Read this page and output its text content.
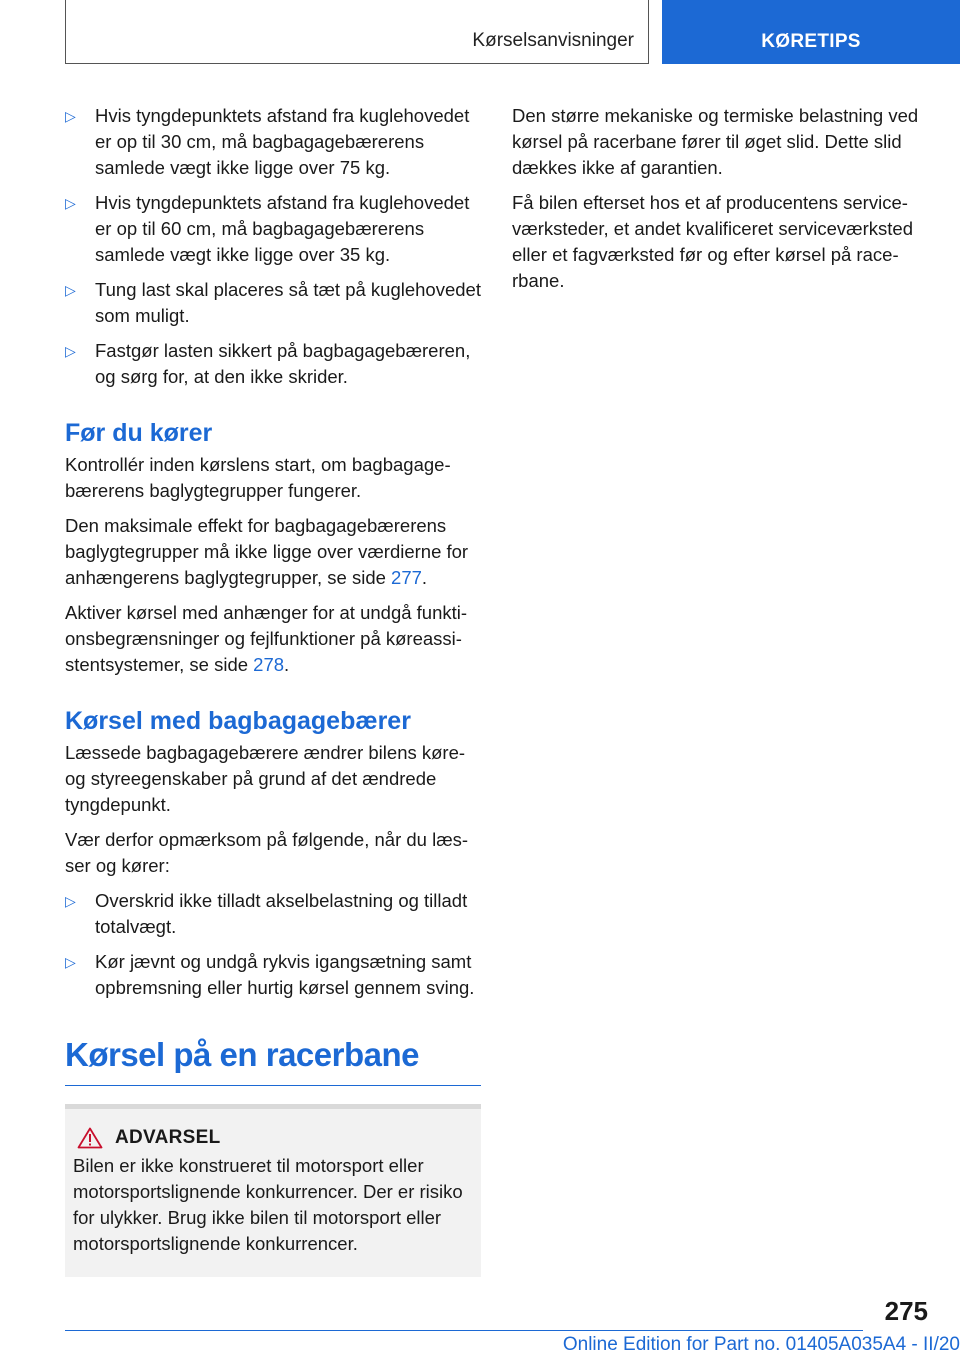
Kørselsanvisninger	KØRETIPS
▷ Hvis tyngdepunktets afstand fra kuglehovedet er op til 30 cm, må bagbagagebærerens samlede vægt ikke ligge over 75 kg.
▷ Hvis tyngdepunktets afstand fra kuglehovedet er op til 60 cm, må bagbagagebærerens samlede vægt ikke ligge over 35 kg.
▷ Tung last skal placeres så tæt på kuglehovedet som muligt.
▷ Fastgør lasten sikkert på bagbagagebæreren, og sørg for, at den ikke skrider.
Før du kører

Kontrollér inden kørslens start, om bagbagagebærerens baglygtegrupper fungerer.

Den maksimale effekt for bagbagagebærerens baglygtegrupper må ikke ligge over værdierne for anhængerens baglygtegrupper, se side 277.

Aktiver kørsel med anhænger for at undgå funktionsbegrænsninger og fejlfunktioner på køreassistentsystemer, se side 278.

Kørsel med bagbagagebærer

Læssede bagbagagebærere ændrer bilens køre- og styreegenskaber på grund af det ændrede tyngdepunkt.

Vær derfor opmærksom på følgende, når du læsser og kører:

▷ Overskrid ikke tilladt akselbelastning og tilladt totalvægt.
▷ Kør jævnt og undgå rykvis igangsætning samt opbremsning eller hurtig kørsel gennem sving.
Kørsel på en racerbane
ADVARSEL
Bilen er ikke konstrueret til motorsport eller motorsportslignende konkurrencer. Der er risiko for ulykker. Brug ikke bilen til motorsport eller motorsportslignende konkurrencer.

Den større mekaniske og termiske belastning ved kørsel på racerbane fører til øget slid. Dette slid dækkes ikke af garantien.

Få bilen efterset hos et af producentens serviceværksteder, et andet kvalificeret serviceværksted eller et fagværksted før og efter kørsel på racerbane.

275
Online Edition for Part no. 01405A035A4 - II/20
